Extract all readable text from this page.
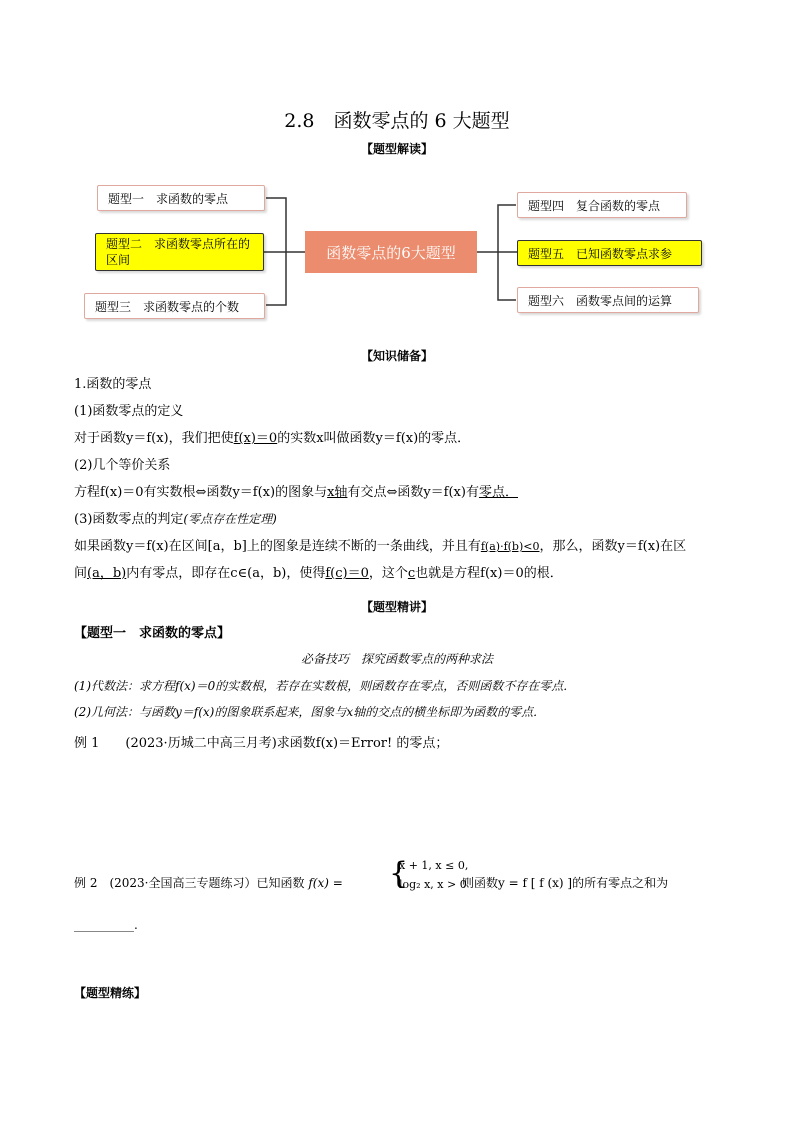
2.8　函数零点的 6 大题型
【题型解读】
题型一　求函数的零点
题型二　求函数零点所在的区间
题型三　求函数零点的个数
函数零点的6大题型
题型四　复合函数的零点
题型五　已知函数零点求参
题型六　函数零点间的运算
【知识储备】
1.函数的零点
(1)函数零点的定义
对于函数y＝f(x)，我们把使f(x)＝0的实数x叫做函数y＝f(x)的零点．
(2)几个等价关系
方程f(x)＝0有实数根⇔函数y＝f(x)的图象与x轴有交点⇔函数y＝f(x)有零点．
(3)函数零点的判定(零点存在性定理)
如果函数y＝f(x)在区间[a，b]上的图象是连续不断的一条曲线，并且有f(a)·f(b)<0，那么，函数y＝f(x)在区
间(a，b)内有零点，即存在c∈(a，b)，使得f(c)＝0，这个c也就是方程f(x)＝0的根．
【题型精讲】
【题型一　求函数的零点】
必备技巧　探究函数零点的两种求法
(1)代数法：求方程f(x)＝0的实数根，若存在实数根，则函数存在零点，否则函数不存在零点．
(2)几何法：与函数y＝f(x)的图象联系起来，图象与x轴的交点的横坐标即为函数的零点．
例 1　　(2023·历城二中高三月考)求函数f(x)＝Error! 的零点；
例 2　(2023·全国高三专题练习）已知函数 f(x) = {
x + 1, x ≤ 0,
log₂ x, x > 0
则函数y = f [ f (x) ]的所有零点之和为
__________.
【题型精练】
